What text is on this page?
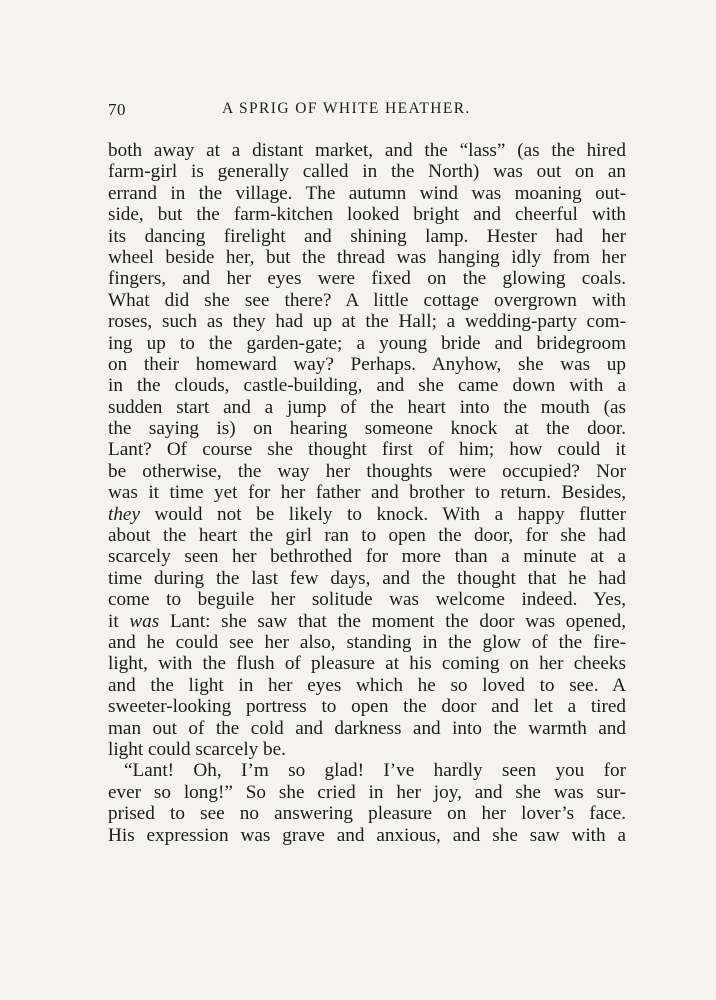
70	A SPRIG OF WHITE HEATHER.
both away at a distant market, and the “lass” (as the hired
farm-girl is generally called in the North) was out on an
errand in the village. The autumn wind was moaning out-
side, but the farm-kitchen looked bright and cheerful with
its dancing firelight and shining lamp. Hester had her
wheel beside her, but the thread was hanging idly from her
fingers, and her eyes were fixed on the glowing coals.
What did she see there? A little cottage overgrown with
roses, such as they had up at the Hall; a wedding-party com-
ing up to the garden-gate; a young bride and bridegroom
on their homeward way? Perhaps. Anyhow, she was up
in the clouds, castle-building, and she came down with a
sudden start and a jump of the heart into the mouth (as
the saying is) on hearing someone knock at the door.
Lant? Of course she thought first of him; how could it
be otherwise, the way her thoughts were occupied? Nor
was it time yet for her father and brother to return. Besides,
they would not be likely to knock. With a happy flutter
about the heart the girl ran to open the door, for she had
scarcely seen her bethrothed for more than a minute at a
time during the last few days, and the thought that he had
come to beguile her solitude was welcome indeed. Yes,
it was Lant: she saw that the moment the door was opened,
and he could see her also, standing in the glow of the fire-
light, with the flush of pleasure at his coming on her cheeks
and the light in her eyes which he so loved to see. A
sweeter-looking portress to open the door and let a tired
man out of the cold and darkness and into the warmth and
light could scarcely be.
“Lant! Oh, I’m so glad! I’ve hardly seen you for
ever so long!” So she cried in her joy, and she was sur-
prised to see no answering pleasure on her lover’s face.
His expression was grave and anxious, and she saw with a
